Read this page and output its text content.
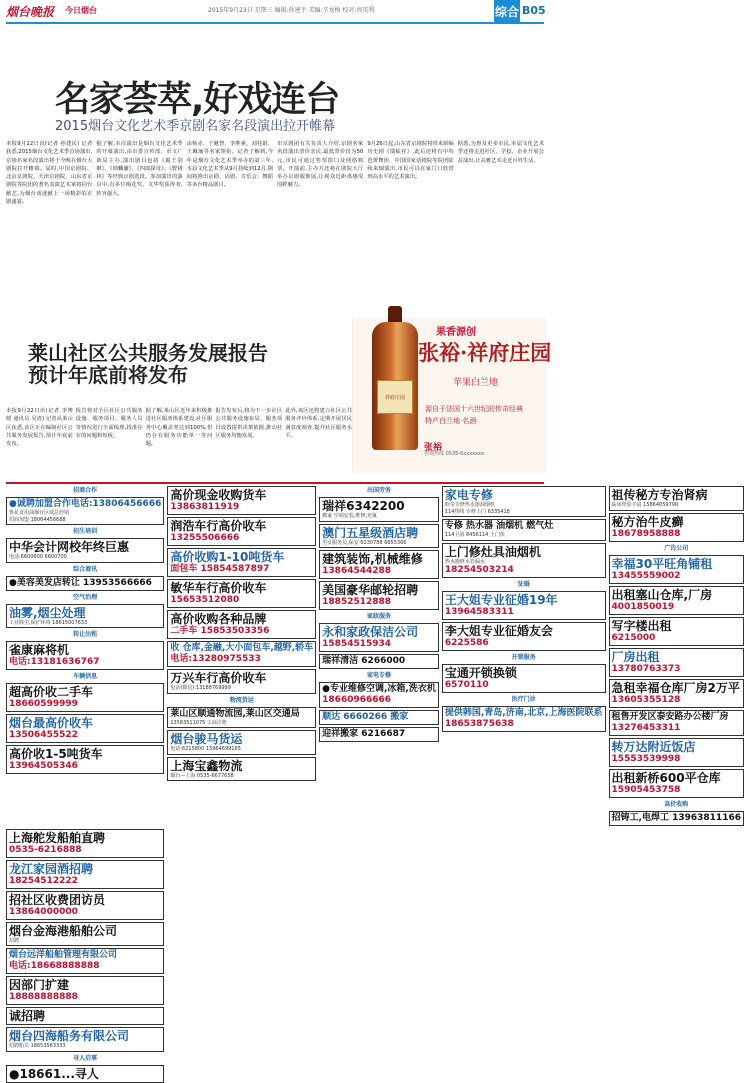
烟台晚报 今日烟台	2015年9月23日 星期三 编辑:孙建平 美编:辛龙梅 校对:周英利	综合 B05
名家荟萃,好戏连台
2015烟台文化艺术季京剧名家名段演出拉开帷幕

本报9月22日讯(记者 孙建民) 记者获悉,2015烟台文化艺术季首场演出,京剧名家名段演出将于今晚在烟台大剧院拉开帷幕。届时,中国京剧院、北京京剧院、天津京剧院、山东省京剧院等院团的著名表演艺术家将同台献艺,为烟台戏迷献上一场精彩的京剧盛宴。

据了解,本次演出是烟台文化艺术季的开幕演出,由市委宣传部、市文广新局主办,演出剧目包括《霸王别姬》、《锁麟囊》、《四郎探母》、《野猪林》等经典京剧选段。参加演出的演员中,有多位梅花奖、文华奖获得者,阵容强大。

由杨赤、于魁智、李胜素、刘桂娟、王珮瑜等名家领衔。记者了解到,今年是烟台文化艺术季举办的第三年,本届文化艺术季从9月持续到12月,期间将推出京剧、话剧、音乐会、舞蹈等多台精品剧目。

市京剧团有关负责人介绍,京剧名家名段演出票价亲民,最低票价仅为50元,市民可通过售票窗口及网络购票。开演前,主办方还将在剧院大厅举办京剧服饰展,让观众近距离感受国粹魅力。

9月26日起,山东省京剧院将带来新编历史剧《瑞蚨祥》,此后还将有中央芭蕾舞团、中国国家话剧院等院团陆续来烟演出,市民可以在家门口欣赏到高水平的艺术演出。

据悉,为惠及更多市民,本届文化艺术季还将走进社区、学校、企业开展公益演出,让高雅艺术走近百姓生活。

莱山社区公共服务发展报告
预计年底前将发布

本报9月22日讯(记者 李博媛 通讯员 吴清) 记者从莱山区获悉,该区正在编制社区公共服务发展报告,预计年底前发布。

报告将对全区社区公共服务设施、服务项目、服务人员等情况进行全面梳理,找准存在的问题和短板。

据了解,莱山区近年来积极推进社区服务体系建设,社区服务中心覆盖率达到100%,但仍存在服务功能单一等问题。

报告发布后,将为下一步社区公共服务设施布局、服务项目设置提供决策依据,推动社区服务均衡发展。

此外,该区还将建立社区公共服务评价体系,定期开展居民满意度调查,提升社区服务水平。

祥府庄园
果香源创
张裕·祥府庄园
苹果白兰地
源自于法国十六世纪的传奇经典
特产白兰地·名酒
张裕
咨询热线 0535-6xxxxxxx
招商合作
●诚聘加盟合作电话:13806456666
鲁花食用油烟台区域总经销
招商加盟 18064456688
招生培训
中华会计网校年终巨惠
电话:6600600 6600700
综合商讯
●美容美发店转让 13953566666
空气治理
油雾,烟尘处理
工业除尘,保护环境 18615007633
转让出租
雀康麻将机
电话:13181636767
车辆信息
超高价收二手车
18660599999
烟台最高价收车
13506455522
高价收1-5吨货车
13964505346
高价现金收购货车
13863811919
润浩车行高价收车
13255506666
高价收购1-10吨货车
面包车 15854587897
敏华车行高价收车
15653512080
高价收购各种品牌
二手车 15853503356
收 仓库,金融,大小面包车,越野,轿车
电话:13280975533
万兴车行高价收车
电话(微信):13188769999
物流货运
莱山区顺通物流园,莱山区交通局
13583511075 工商注册
烟台骏马货运
电话:6215800 15964699165
上海宝鑫物流
烟台—上海 0535-6677658
出国劳务
瑞祥6342200
搬家 空调安装,维修,充氟
澳门五星级酒店聘
男女服务员,保安 6230788 6655366
建筑装饰,机械维修
13864544288
美国豪华邮轮招聘
18852512888
家政服务
永和家政保洁公司
15854515934
瑞祥清洁 6266000
家电专修
●专业维修空调,冰箱,洗衣机
18660966666
顺达 6660266 搬家
迎祥搬家 6216687
家电专修
欧帝专修热水器油烟机
114热线 专修上门 6335418
专修 热水器 油烟机 燃气灶
114卫浴 8456114 上门快
上门修灶具油烟机
热水器修水管漏水
18254503214
征婚
王大姐专业征婚19年
13964583311
李大姐专业征婚友会
6225586
开锁服务
宝通开锁换锁
6570110
医疗门诊
提供韩国,青岛,济南,北京,上海医院联系
18653875638
祖传秘方专治肾病
临床经验丰富 15864059790
秘方治牛皮癣
18678958888
广告公司
幸福30平旺角铺租
13455559002
出租塞山仓库,厂房
4001850019
写字楼出租
6215000
厂房出租
13780763373
急租幸福仓库厂房2万平
13605355128
租售开发区泰安路办公楼厂房
13276453311
转万达附近饭店
15553539998
出租新桥600平仓库
15905453758
高价收购
招铸工,电焊工 13963811166
上海舵发船舶直聘
0535-6216888
龙江家园酒招聘
18254512222
招社区收费团访员
13864000000
烟台金海港船舶公司
招聘
烟台远洋船舶管理有限公司
电话:18668888888
因部门扩建
18888888888
诚招聘
烟台四海船务有限公司
招聘船员 18653563333
寻人启事
●18661...寻人
